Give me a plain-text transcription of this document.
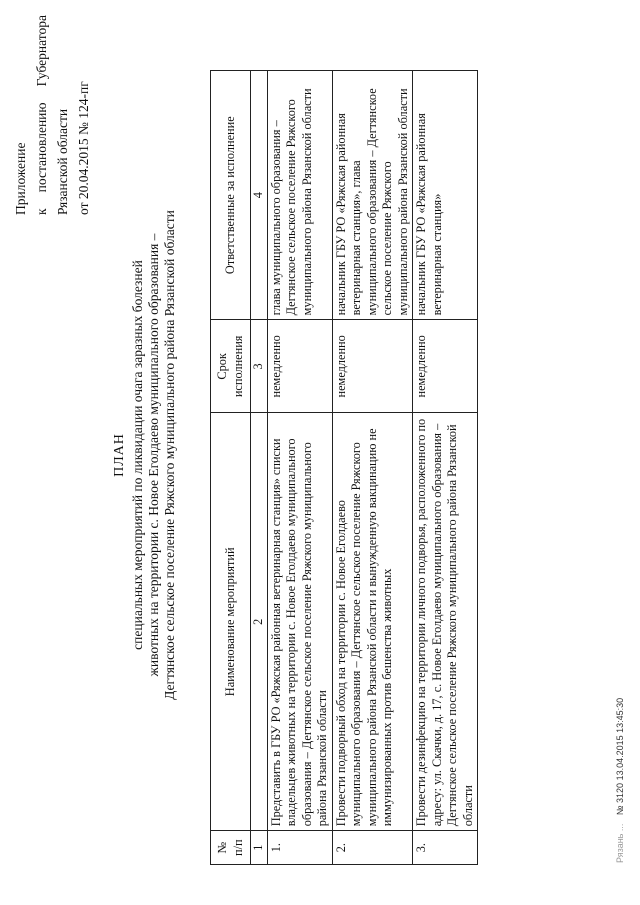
Приложение к
постановлению
Губернатора
Рязанской области от 20.04.2015 № 124-пг
ПЛАН специальных мероприятий по ликвидации очага заразных болезней животных на территории с. Новое Еголдаево муниципального образования – Дегтянское сельское поселение Ряжского муниципального района Рязанской области
№ п/п	Наименование мероприятий	Срок исполнения	Ответственные за исполнение
1	2	3	4
1.	Представить в ГБУ РО «Ряжская районная ветеринарная станция» списки владельцев животных на территории с. Новое Еголдаево муниципального образования – Дегтянское сельское поселение Ряжского муниципального района Рязанской области	немедленно	глава муниципального образования – Дегтянское сельское поселение Ряжского муниципального района Рязанской области
2.	Провести подворный обход на территории с. Новое Еголдаево муниципального образования – Дегтянское сельское поселение Ряжского муниципального района Рязанской области и вынужденную вакцинацию не иммунизированных против бешенства животных	немедленно	начальник ГБУ РО «Ряжская районная ветеринарная станция», глава муниципального образования – Дегтянское сельское поселение Ряжского муниципального района Рязанской области
3.	Провести дезинфекцию на территории личного подворья, расположенного по адресу: ул. Скачки, д. 17, с. Новое Еголдаево муниципального образования – Дегтянское сельское поселение Ряжского муниципального района Рязанской области	немедленно	начальник ГБУ РО «Ряжская районная ветеринарная станция»
Рязань ... № 3120 13.04.2015 13:45:30
